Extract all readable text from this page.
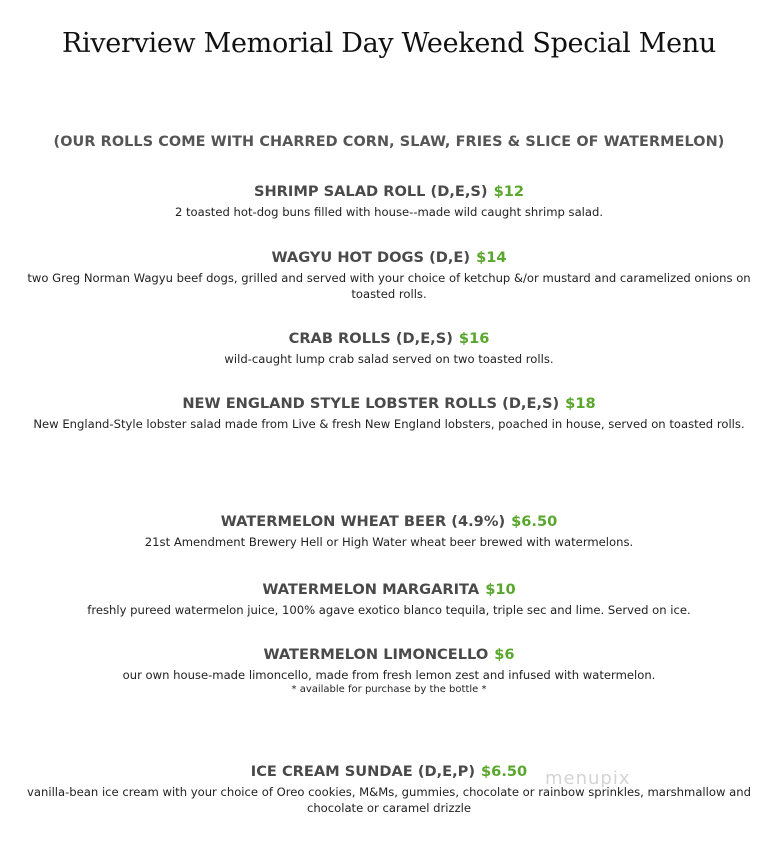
Riverview Memorial Day Weekend Special Menu
(OUR ROLLS COME WITH CHARRED CORN, SLAW, FRIES & SLICE OF WATERMELON)
SHRIMP SALAD ROLL (D,E,S) $12
2 toasted hot-dog buns filled with house--made wild caught shrimp salad.
WAGYU HOT DOGS (D,E) $14
two Greg Norman Wagyu beef dogs, grilled and served with your choice of ketchup &/or mustard and caramelized onions on toasted rolls.
CRAB ROLLS (D,E,S) $16
wild-caught lump crab salad served on two toasted rolls.
NEW ENGLAND STYLE LOBSTER ROLLS (D,E,S) $18
New England-Style lobster salad made from Live & fresh New England lobsters, poached in house, served on toasted rolls.
WATERMELON WHEAT BEER (4.9%) $6.50
21st Amendment Brewery Hell or High Water wheat beer brewed with watermelons.
WATERMELON MARGARITA $10
freshly pureed watermelon juice, 100% agave exotico blanco tequila, triple sec and lime. Served on ice.
WATERMELON LIMONCELLO $6
our own house-made limoncello, made from fresh lemon zest and infused with watermelon.
* available for purchase by the bottle *
ICE CREAM SUNDAE (D,E,P) $6.50
vanilla-bean ice cream with your choice of Oreo cookies, M&Ms, gummies, chocolate or rainbow sprinkles, marshmallow and chocolate or caramel drizzle
menupix
